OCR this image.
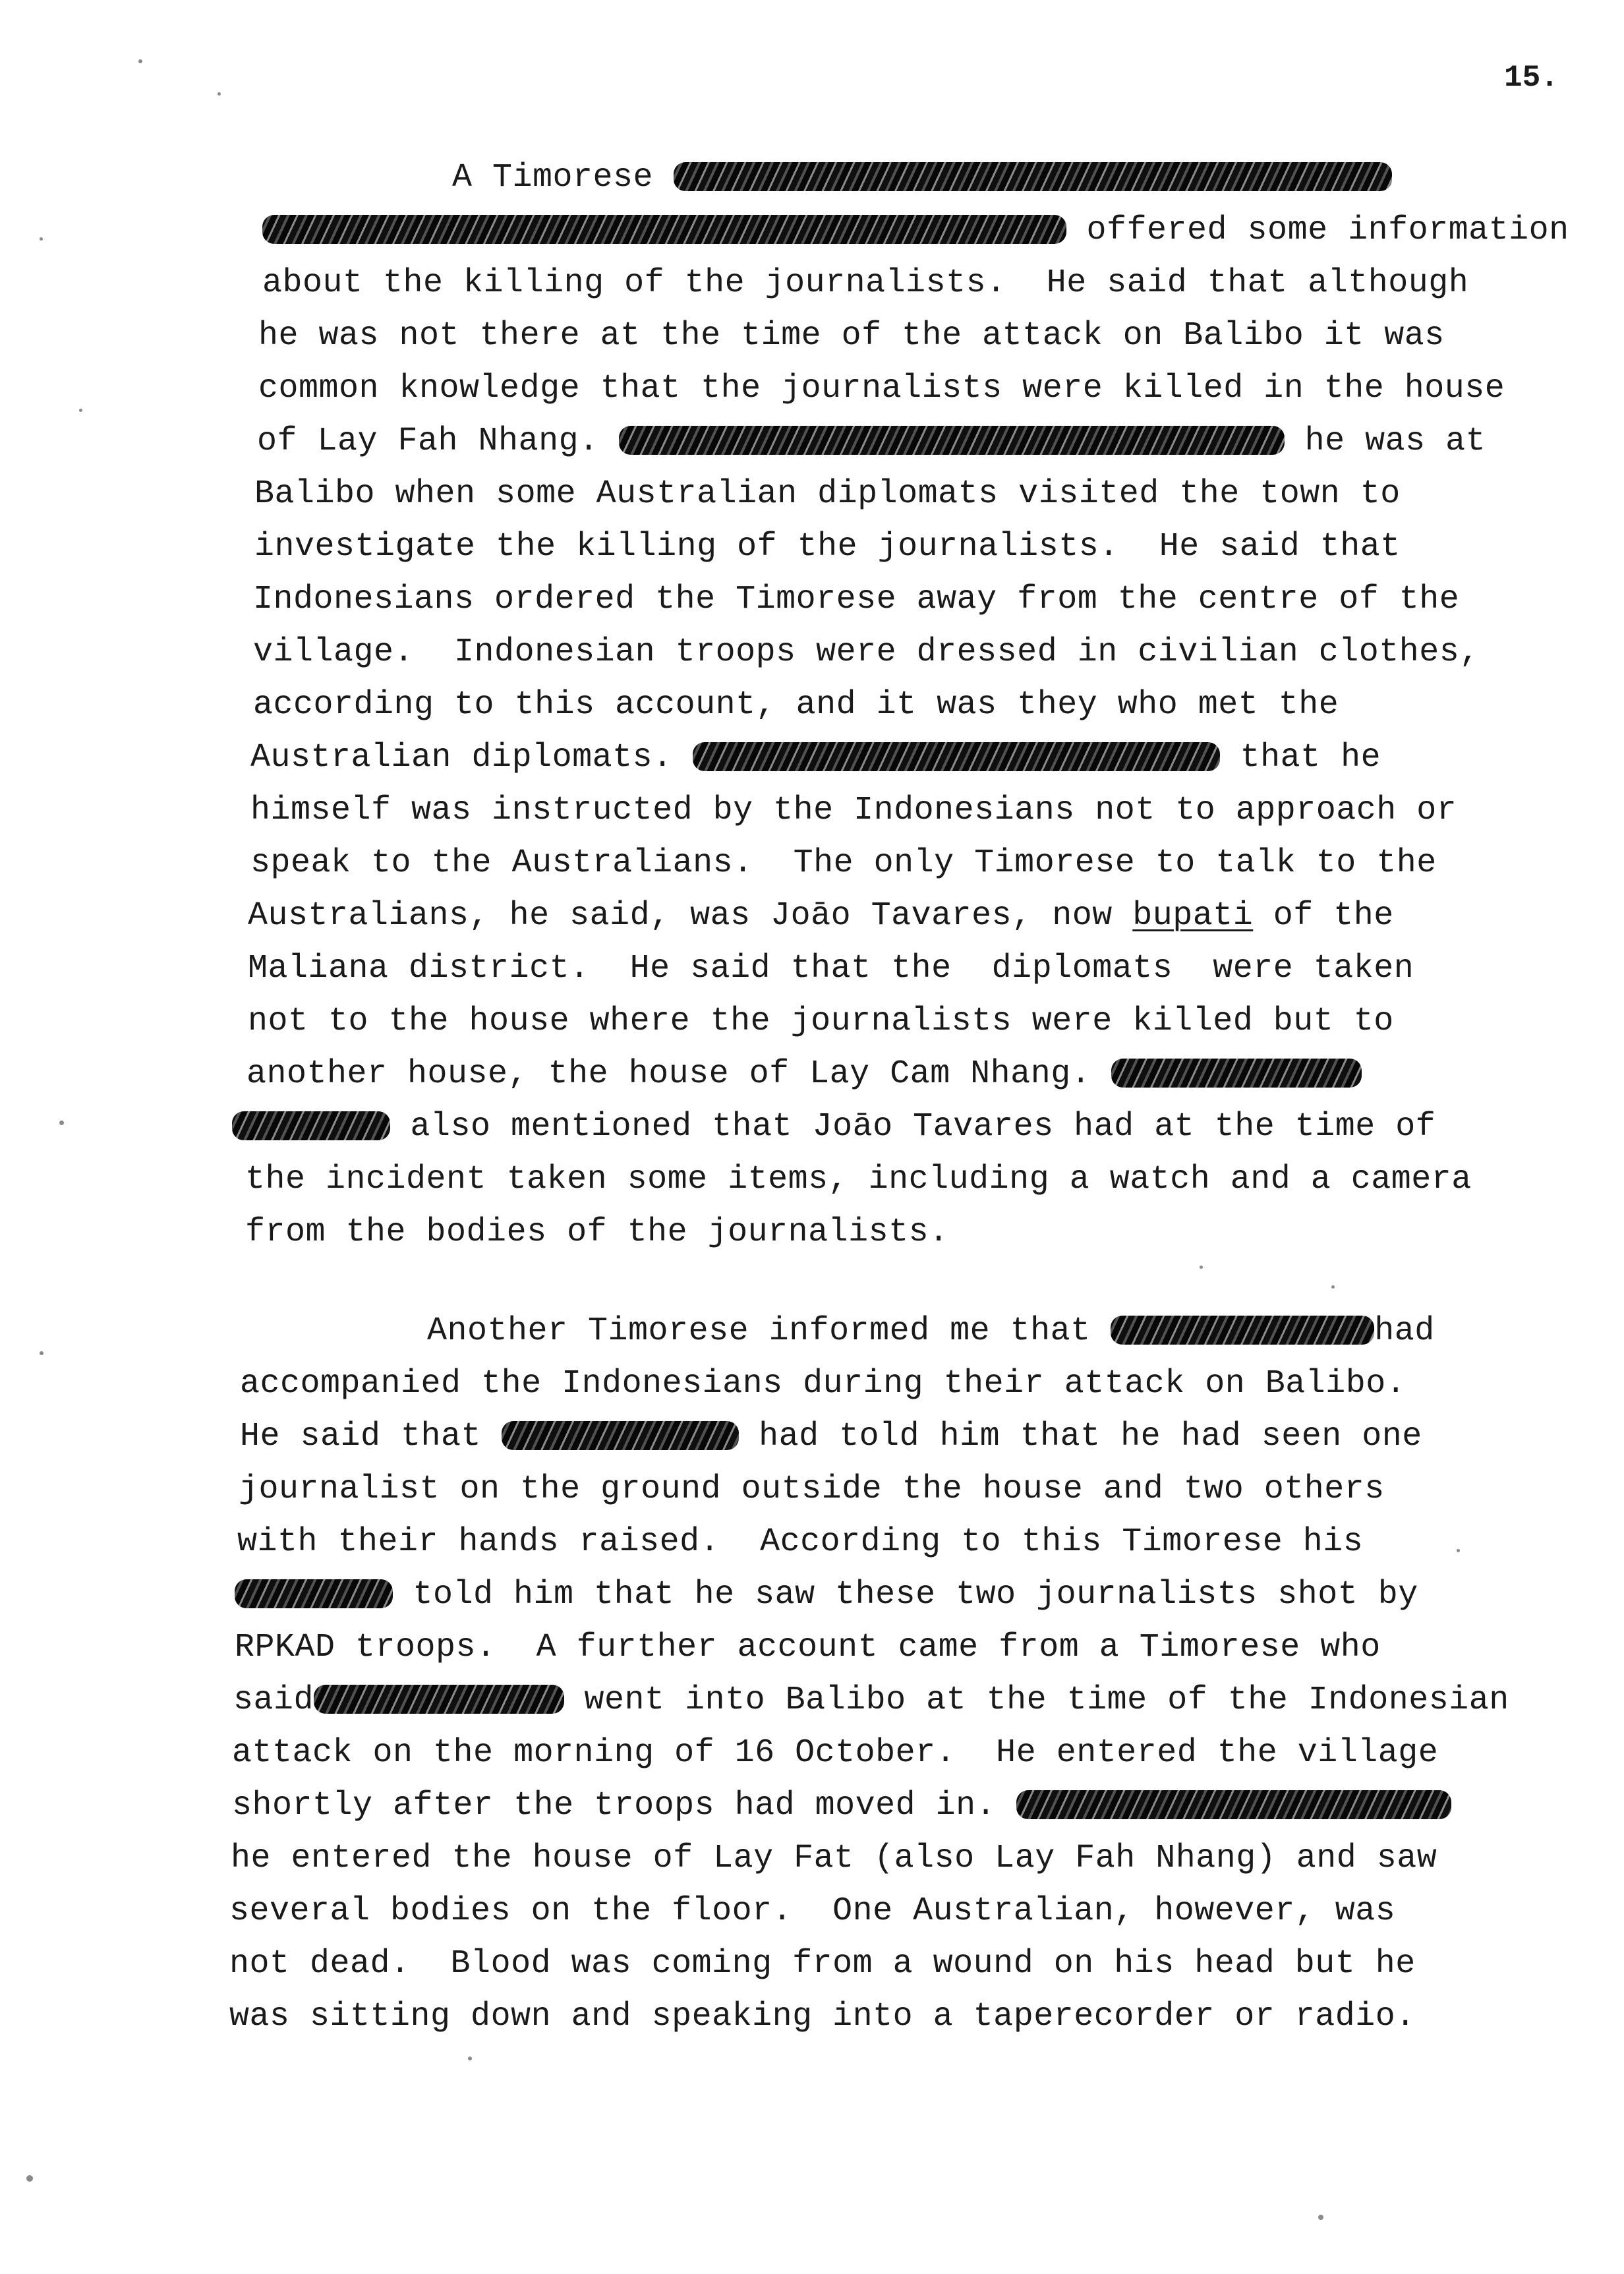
15.
A Timorese
offered some information
about the killing of the journalists.  He said that although
he was not there at the time of the attack on Balibo it was
common knowledge that the journalists were killed in the house
of Lay Fah Nhang.	he was at
Balibo when some Australian diplomats visited the town to
investigate the killing of the journalists.  He said that
Indonesians ordered the Timorese away from the centre of the
village.  Indonesian troops were dressed in civilian clothes,
according to this account, and it was they who met the
Australian diplomats.	that he
himself was instructed by the Indonesians not to approach or
speak to the Australians.  The only Timorese to talk to the
Australians, he said, was Joāo Tavares, now bupati of the
Maliana district.  He said that the  diplomats  were taken
not to the house where the journalists were killed but to
another house, the house of Lay Cam Nhang.
also mentioned that Joāo Tavares had at the time of
the incident taken some items, including a watch and a camera
from the bodies of the journalists.
Another Timorese informed me that	had
accompanied the Indonesians during their attack on Balibo.
He said that	had told him that he had seen one
journalist on the ground outside the house and two others
with their hands raised.  According to this Timorese his
told him that he saw these two journalists shot by
RPKAD troops.  A further account came from a Timorese who
said	went into Balibo at the time of the Indonesian
attack on the morning of 16 October.  He entered the village
shortly after the troops had moved in.
he entered the house of Lay Fat (also Lay Fah Nhang) and saw
several bodies on the floor.  One Australian, however, was
not dead.  Blood was coming from a wound on his head but he
was sitting down and speaking into a taperecorder or radio.
